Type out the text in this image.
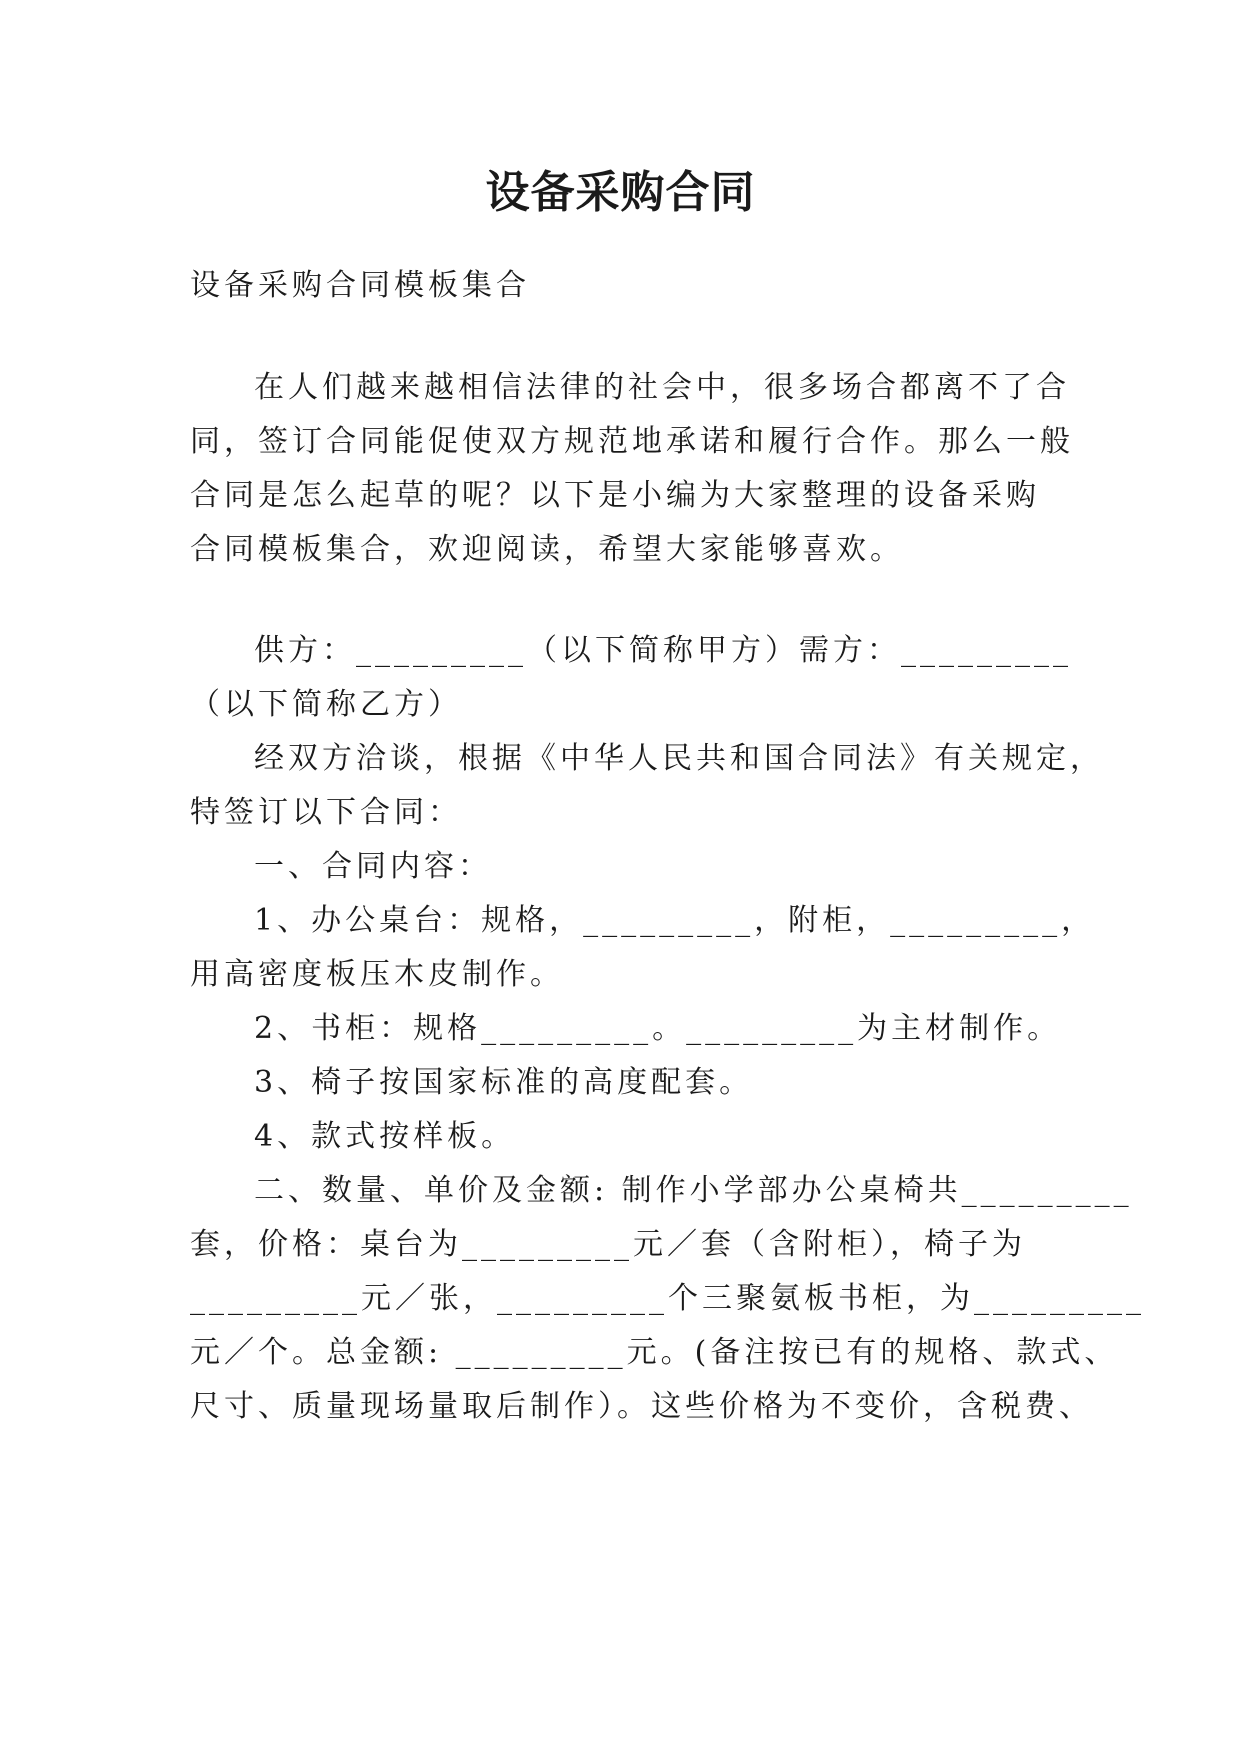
设备采购合同
设备采购合同模板集合
在人们越来越相信法律的社会中，很多场合都离不了合
同，签订合同能促使双方规范地承诺和履行合作。那么一般
合同是怎么起草的呢？以下是小编为大家整理的设备采购
合同模板集合，欢迎阅读，希望大家能够喜欢。
供方：_________（以下简称甲方）需方：_________
（以下简称乙方）
经双方洽谈，根据《中华人民共和国合同法》有关规定，
特签订以下合同：
一、合同内容：
1、办公桌台：规格，_________，附柜，_________，
用高密度板压木皮制作。
2、书柜：规格_________。_________为主材制作。
3、椅子按国家标准的高度配套。
4、款式按样板。
二、数量、单价及金额: 制作小学部办公桌椅共_________
套，价格：桌台为_________元／套（含附柜），椅子为
_________元／张，_________个三聚氨板书柜，为_________
元／个。总金额: _________元。(备注按已有的规格、款式、
尺寸、质量现场量取后制作）。这些价格为不变价，含税费、
